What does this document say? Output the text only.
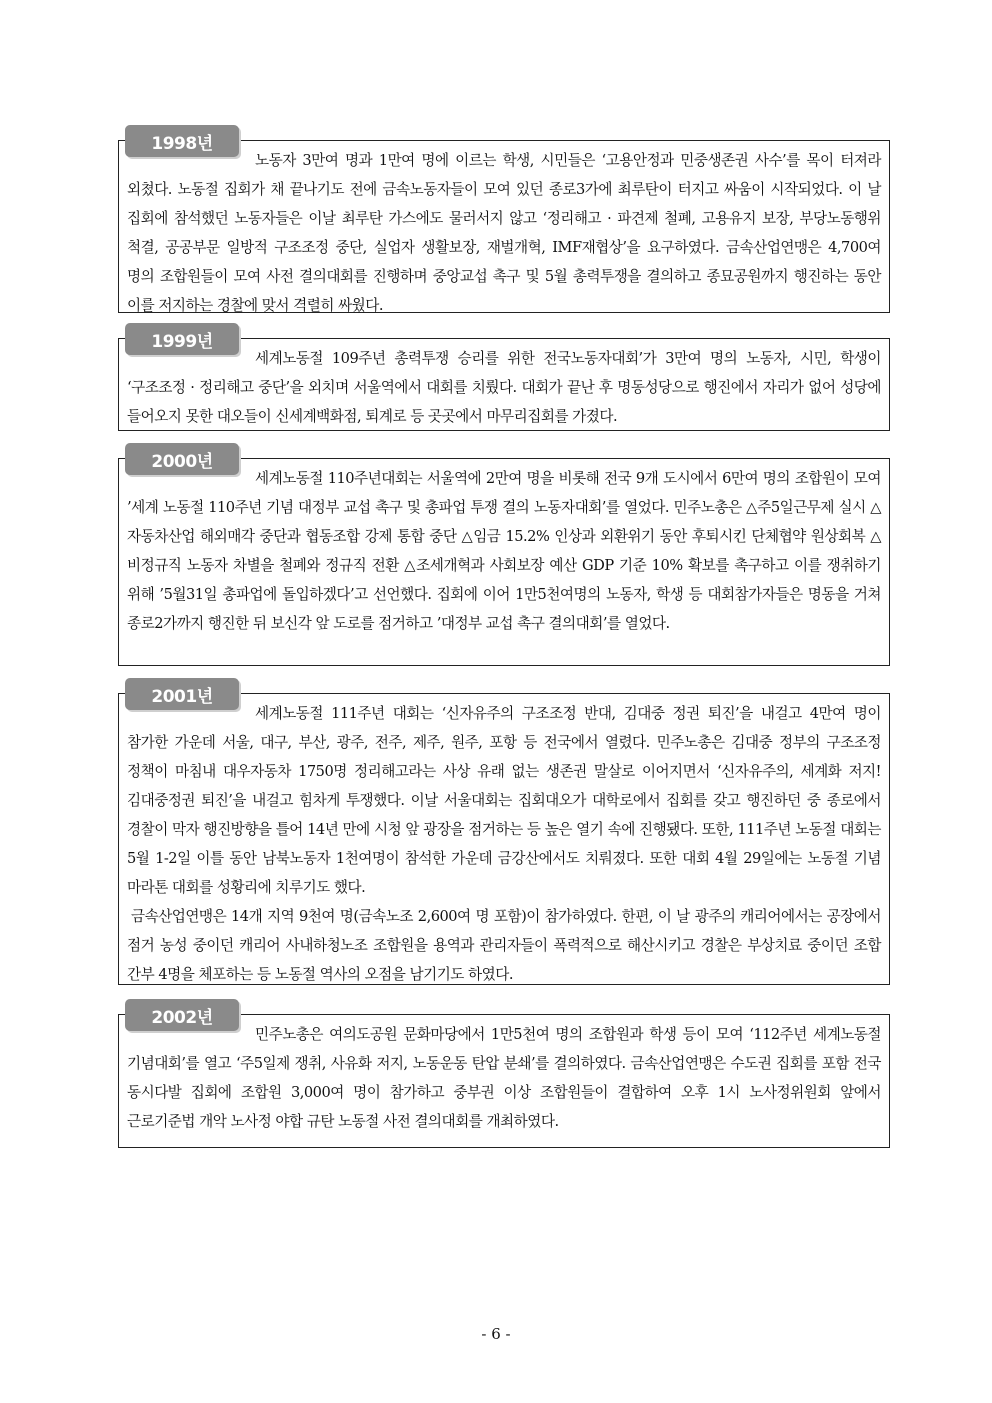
1998년

노동자 3만여 명과 1만여 명에 이르는 학생, 시민들은 ‘고용안정과 민중생존권 사수’를 목이 터져라 외쳤다. 노동절 집회가 채 끝나기도 전에 금속노동자들이 모여 있던 종로3가에 최루탄이 터지고 싸움이 시작되었다. 이 날 집회에 참석했던 노동자들은 이날 최루탄 가스에도 물러서지 않고 ‘정리해고 · 파견제 철폐, 고용유지 보장, 부당노동행위 척결, 공공부문 일방적 구조조정 중단, 실업자 생활보장, 재벌개혁, IMF재협상’을 요구하였다. 금속산업연맹은 4,700여 명의 조합원들이 모여 사전 결의대회를 진행하며 중앙교섭 촉구 및 5월 총력투쟁을 결의하고 종묘공원까지 행진하는 동안 이를 저지하는 경찰에 맞서 격렬히 싸웠다.

1999년

세계노동절 109주년 총력투쟁 승리를 위한 전국노동자대회’가 3만여 명의 노동자, 시민, 학생이 ‘구조조정 · 정리해고 중단’을 외치며 서울역에서 대회를 치뤘다. 대회가 끝난 후 명동성당으로 행진에서 자리가 없어 성당에 들어오지 못한 대오들이 신세계백화점, 퇴계로 등 곳곳에서 마무리집회를 가졌다.

2000년

세계노동절 110주년대회는 서울역에 2만여 명을 비롯해 전국 9개 도시에서 6만여 명의 조합원이 모여 ’세계 노동절 110주년 기념 대정부 교섭 촉구 및 총파업 투쟁 결의 노동자대회’를 열었다. 민주노총은 △주5일근무제 실시 △자동차산업 해외매각 중단과 협동조합 강제 통합 중단 △임금 15.2% 인상과 외환위기 동안 후퇴시킨 단체협약 원상회복 △비정규직 노동자 차별을 철폐와 정규직 전환 △조세개혁과 사회보장 예산 GDP 기준 10% 확보를 촉구하고 이를 쟁취하기 위해 ’5월31일 총파업에 돌입하겠다’고 선언했다. 집회에 이어 1만5천여명의 노동자, 학생 등 대회참가자들은 명동을 거쳐 종로2가까지 행진한 뒤 보신각 앞 도로를 점거하고 ’대정부 교섭 촉구 결의대회’를 열었다.

2001년

세계노동절 111주년 대회는 ‘신자유주의 구조조정 반대, 김대중 정권 퇴진’을 내걸고 4만여 명이 참가한 가운데 서울, 대구, 부산, 광주, 전주, 제주, 원주, 포항 등 전국에서 열렸다. 민주노총은 김대중 정부의 구조조정 정책이 마침내 대우자동차 1750명 정리해고라는 사상 유래 없는 생존권 말살로 이어지면서 ‘신자유주의, 세계화 저지! 김대중정권 퇴진’을 내걸고 힘차게 투쟁했다. 이날 서울대회는 집회대오가 대학로에서 집회를 갖고 행진하던 중 종로에서 경찰이 막자 행진방향을 틀어 14년 만에 시청 앞 광장을 점거하는 등 높은 열기 속에 진행됐다. 또한, 111주년 노동절 대회는 5월 1-2일 이틀 동안 남북노동자 1천여명이 참석한 가운데 금강산에서도 치뤄졌다. 또한 대회 4월 29일에는 노동절 기념 마라톤 대회를 성황리에 치루기도 했다.

금속산업연맹은 14개 지역 9천여 명(금속노조 2,600여 명 포함)이 참가하였다. 한편, 이 날 광주의 캐리어에서는 공장에서 점거 농성 중이던 캐리어 사내하청노조 조합원을 용역과 관리자들이 폭력적으로 해산시키고 경찰은 부상치료 중이던 조합 간부 4명을 체포하는 등 노동절 역사의 오점을 남기기도 하였다.

2002년

민주노총은 여의도공원 문화마당에서 1만5천여 명의 조합원과 학생 등이 모여 ‘112주년 세계노동절 기념대회’를 열고 ‘주5일제 쟁취, 사유화 저지, 노동운동 탄압 분쇄’를 결의하였다. 금속산업연맹은 수도권 집회를 포함 전국 동시다발 집회에 조합원 3,000여 명이 참가하고 중부권 이상 조합원들이 결합하여 오후 1시 노사정위원회 앞에서 근로기준법 개악 노사정 야합 규탄 노동절 사전 결의대회를 개최하였다.

- 6 -
